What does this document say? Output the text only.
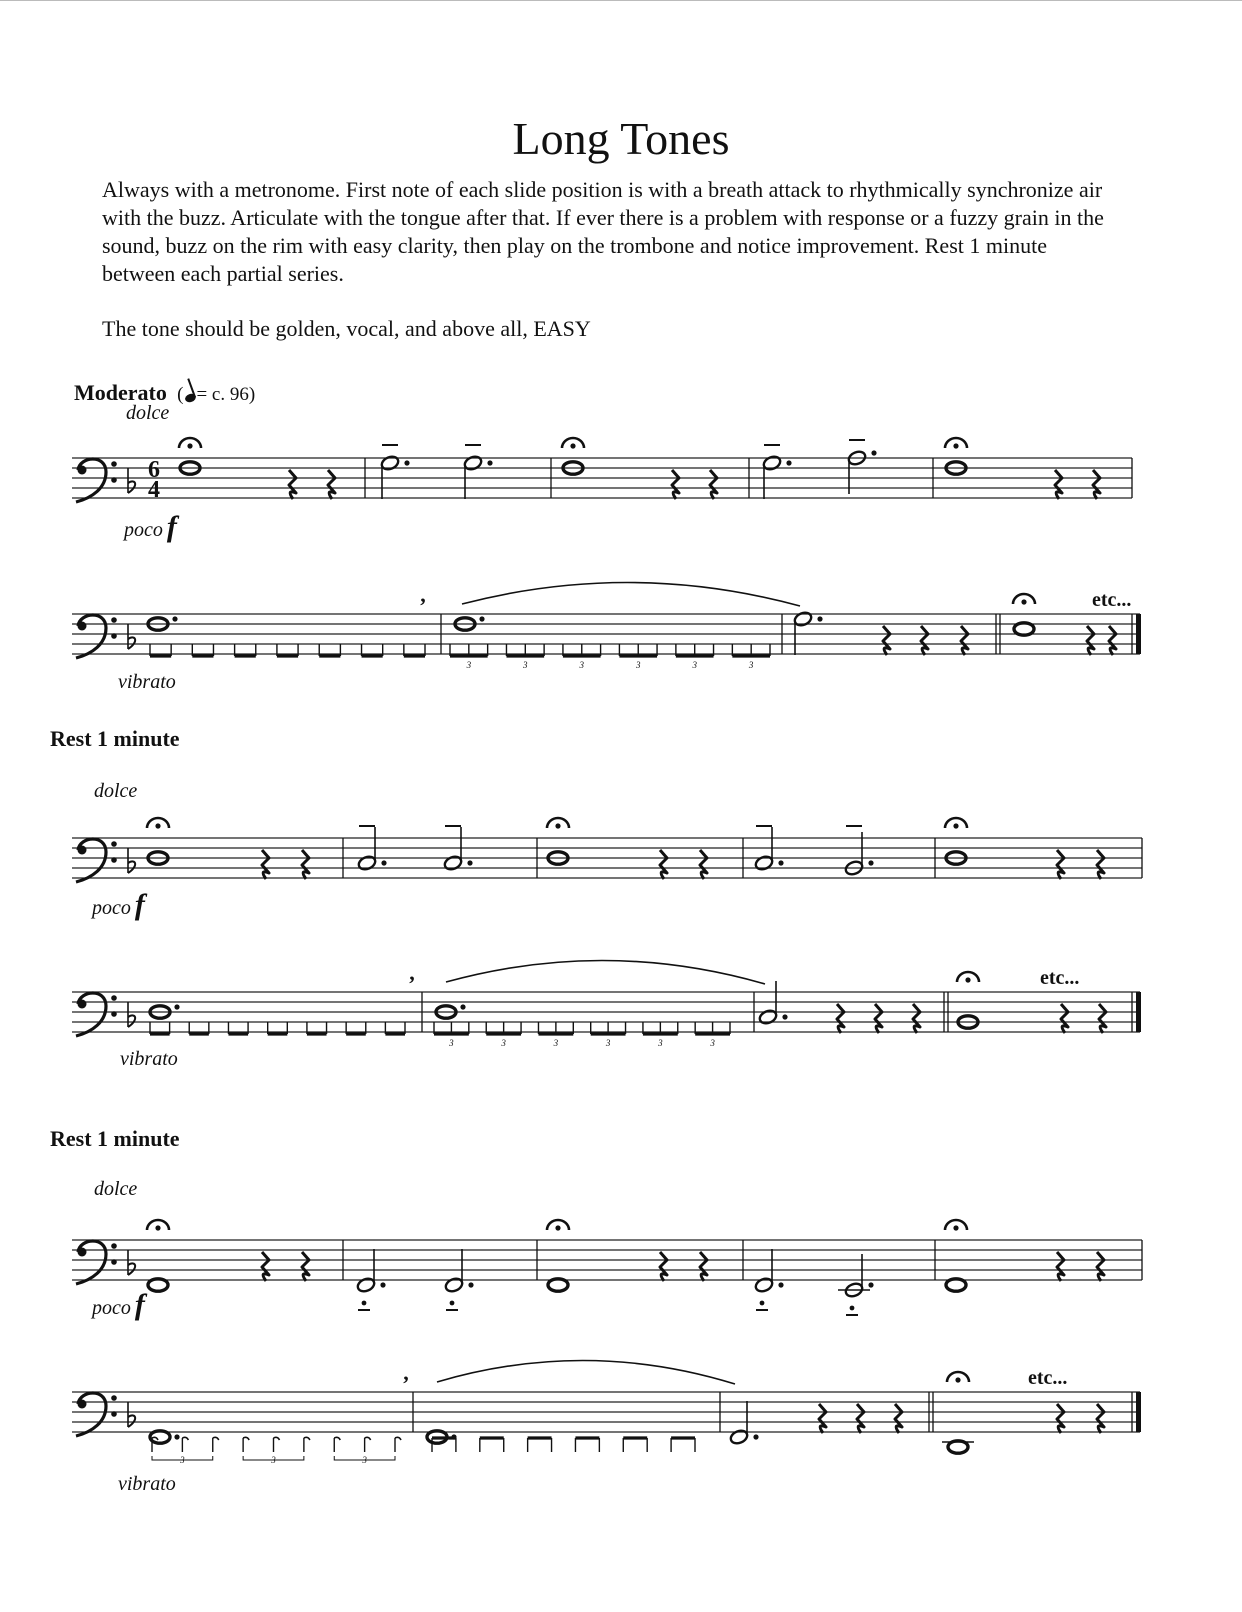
Long Tones

Always with a metronome. First note of each slide position is with a breath attack to rhythmically synchronize air with the buzz. Articulate with the tongue after that. If ever there is a problem with response or a fuzzy grain in the sound, buzz on the rim with easy clarity, then play on the trombone and notice improvement. Rest 1 minute between each partial series.

The tone should be golden, vocal, and above all, EASY

Moderato  ( = c. 96)
dolce
poco f
vibrato
Rest 1 minute
dolce
poco f
vibrato
Rest 1 minute
dolce
poco f
vibrato
6
4
3	3	3	3	3	3
,	etc...
3	3	3	3	3	3
,	etc...
3	3	3
,	etc...
